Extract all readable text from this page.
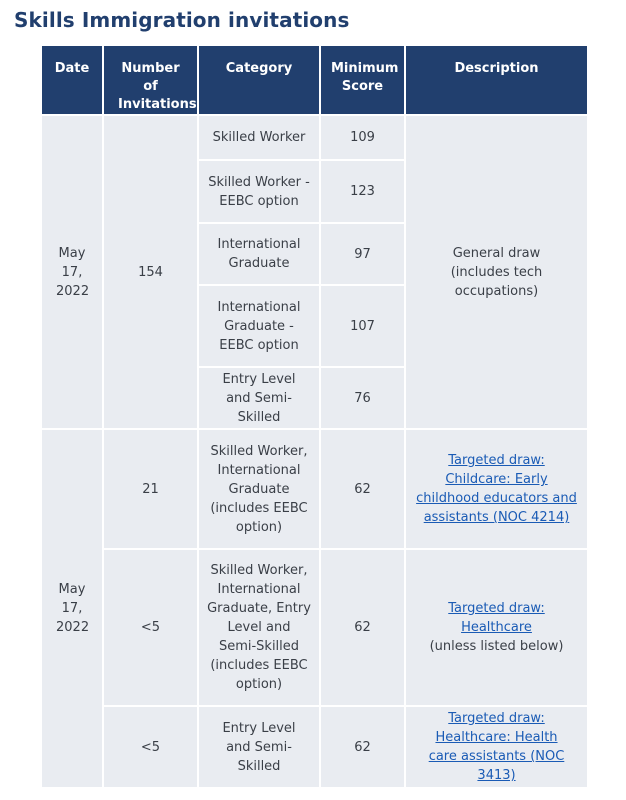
Skills Immigration invitations
Date	Number of Invitations	Category	Minimum Score	Description
May 17, 2022	154	Skilled Worker	109	General draw (includes tech occupations)
		Skilled Worker - EEBC option	123	
		International Graduate	97	
		International Graduate - EEBC option	107	
		Entry Level and Semi-Skilled	76	
May 17, 2022	21	Skilled Worker, International Graduate (includes EEBC option)	62	Targeted draw: Childcare: Early childhood educators and assistants (NOC 4214)
	<5	Skilled Worker, International Graduate, Entry Level and Semi-Skilled (includes EEBC option)	62	Targeted draw: Healthcare
(unless listed below)
	<5	Entry Level and Semi-Skilled	62	Targeted draw: Healthcare: Health care assistants (NOC 3413)
